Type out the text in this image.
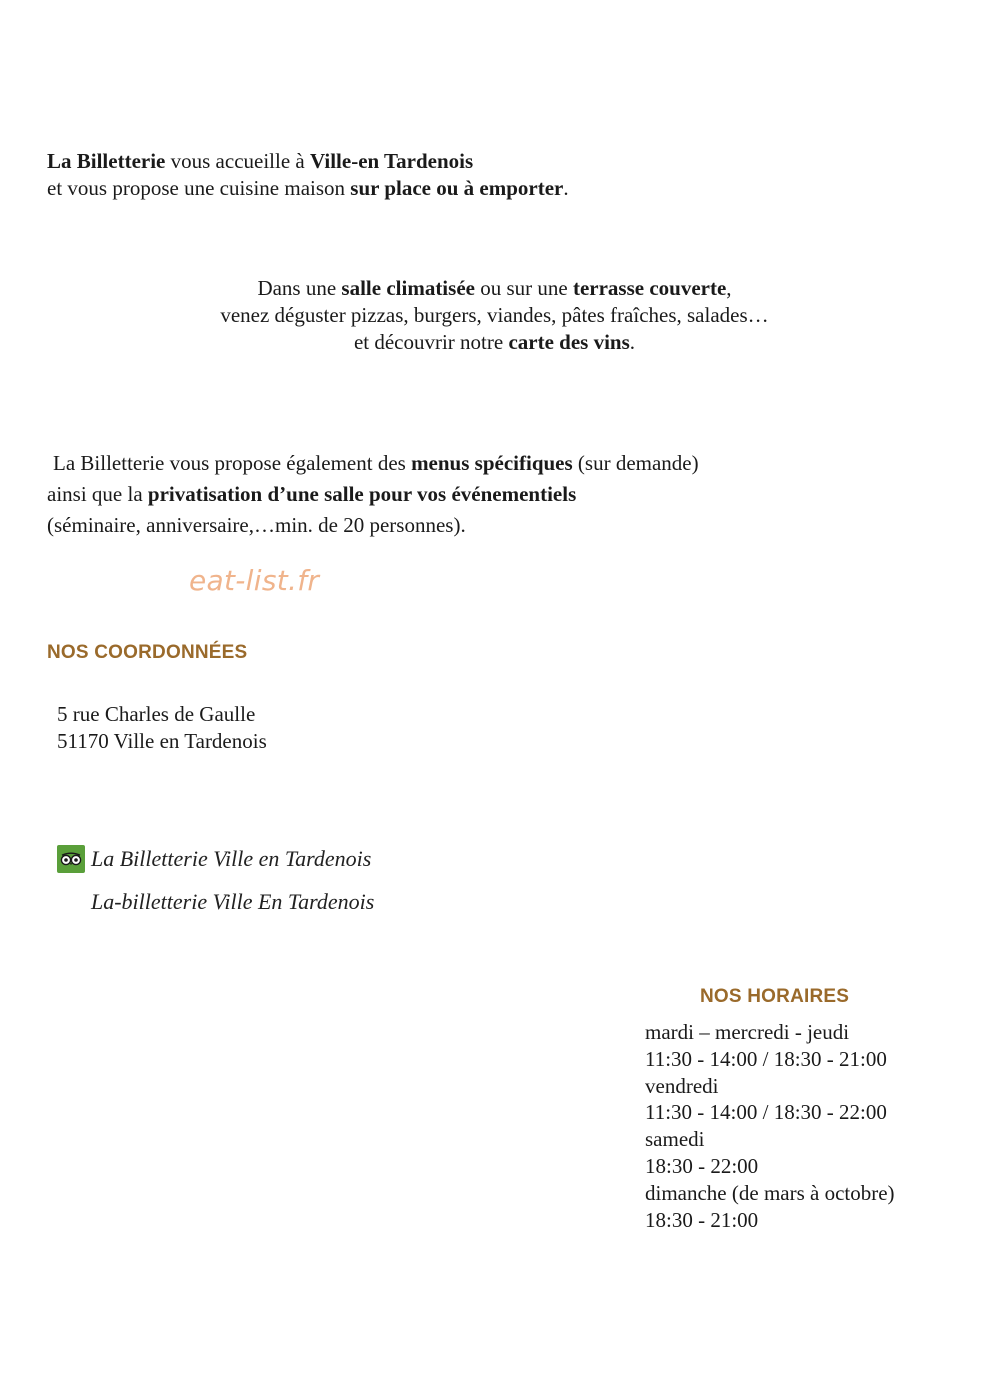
La Billetterie vous accueille à Ville-en Tardenois
et vous propose une cuisine maison sur place ou à emporter.
Dans une salle climatisée ou sur une terrasse couverte,
venez déguster pizzas, burgers, viandes, pâtes fraîches, salades…
et découvrir notre carte des vins.
La Billetterie vous propose également des menus spécifiques (sur demande)
ainsi que la privatisation d’une salle pour vos événementiels
(séminaire, anniversaire,…min. de 20 personnes).
eat-list.fr
NOS COORDONNÉES
5 rue Charles de Gaulle
51170 Ville en Tardenois
La Billetterie Ville en Tardenois
La-billetterie Ville En Tardenois
NOS HORAIRES
mardi – mercredi - jeudi
11:30 - 14:00 / 18:30 - 21:00
vendredi
11:30 - 14:00 / 18:30 - 22:00
samedi
18:30 - 22:00
dimanche (de mars à octobre)
18:30 - 21:00
